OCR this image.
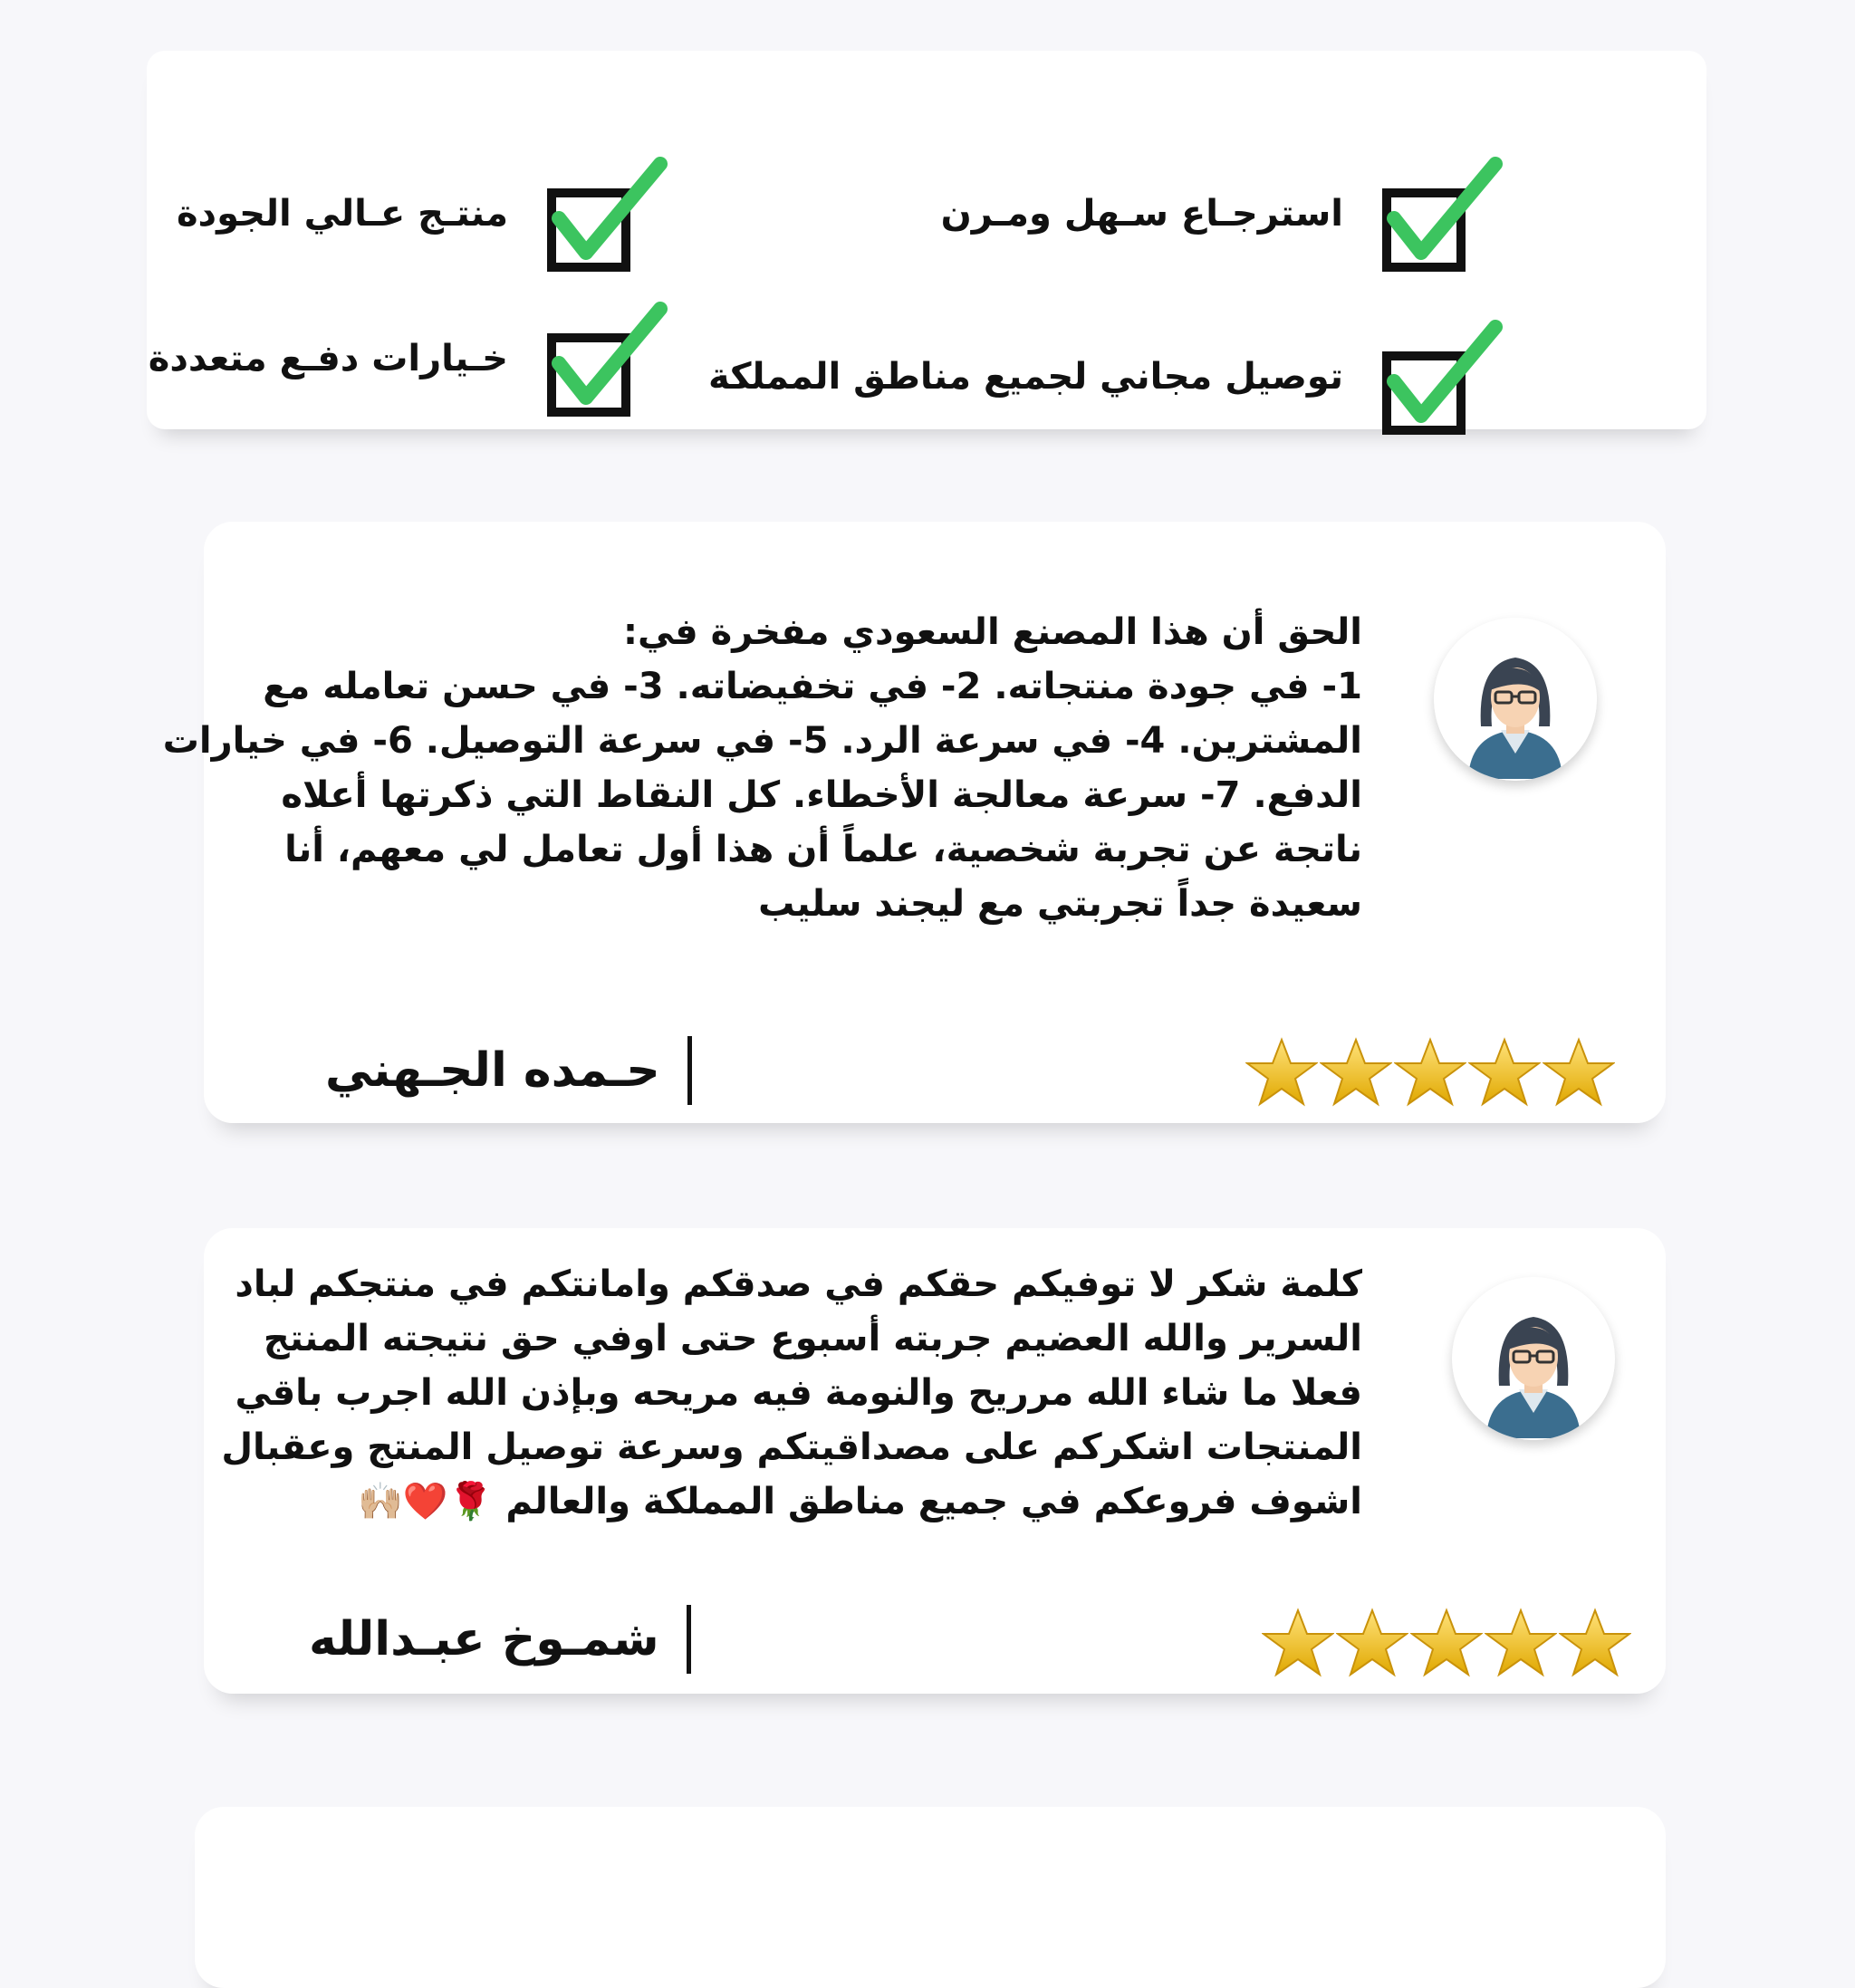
استرجـاع سـهل ومـرن
توصيل مجاني لجميع مناطق المملكة
منتـج عـالي الجودة
خـيارات دفـع متعددة
الحق أن هذا المصنع السعودي مفخرة في:
1- في جودة منتجاته. 2- في تخفيضاته. 3- في حسن تعامله مع
المشترين. 4- في سرعة الرد. 5- في سرعة التوصيل. 6- في خيارات
الدفع. 7- سرعة معالجة الأخطاء. كل النقاط التي ذكرتها أعلاه
ناتجة عن تجربة شخصية، علماً أن هذا أول تعامل لي معهم، أنا
سعيدة جداً تجربتي مع ليجند سليب
حـمده الجـهني
كلمة شكر لا توفيكم حقكم في صدقكم وامانتكم في منتجكم لباد
السرير والله العضيم جربته أسبوع حتى اوفي حق نتيجته المنتج
فعلا ما شاء الله مرريح والنومة فيه مريحه وبإذن الله اجرب باقي
المنتجات اشكركم على مصداقيتكم وسرعة توصيل المنتج وعقبال
اشوف فروعكم في جميع مناطق المملكة والعالم 🌹❤️🙌🏼
شمـوخ عبـدالله
